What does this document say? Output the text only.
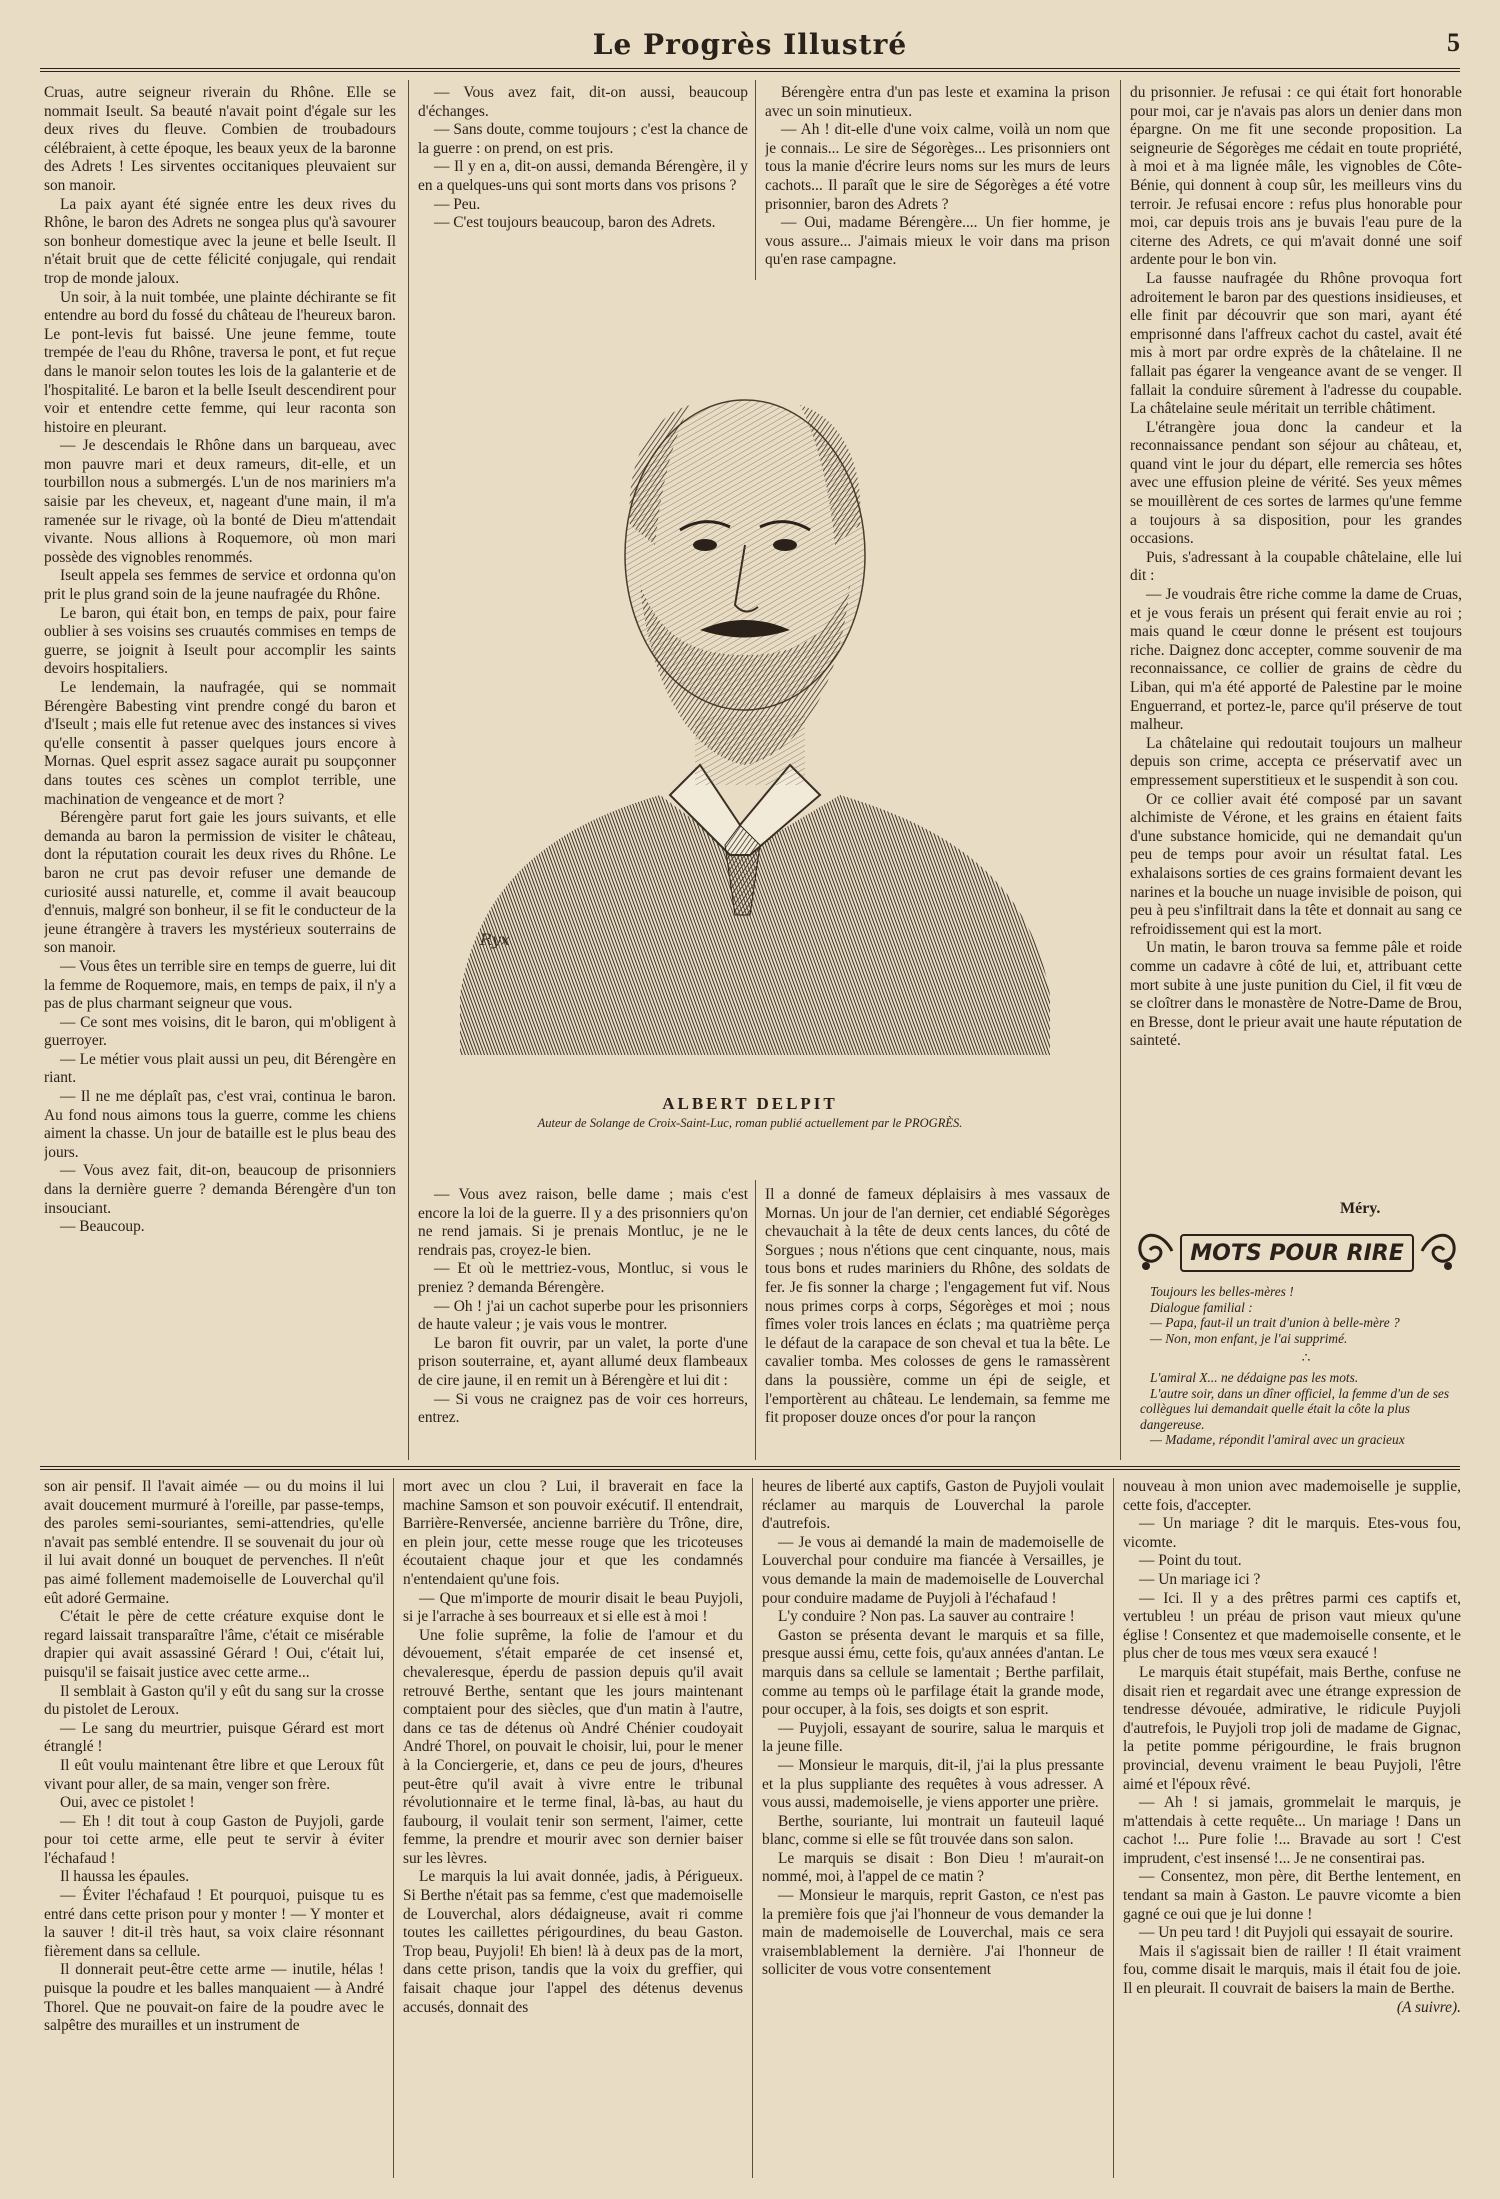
Le Progrès Illustré	5

Cruas, autre seigneur riverain du Rhône. Elle se nommait Iseult. Sa beauté n'avait point d'égale sur les deux rives du fleuve. Combien de troubadours célébraient, à cette époque, les beaux yeux de la baronne des Adrets ! Les sirventes occitaniques pleuvaient sur son manoir.

La paix ayant été signée entre les deux rives du Rhône, le baron des Adrets ne songea plus qu'à savourer son bonheur domestique avec la jeune et belle Iseult. Il n'était bruit que de cette félicité conjugale, qui rendait trop de monde jaloux.

Un soir, à la nuit tombée, une plainte déchirante se fit entendre au bord du fossé du château de l'heureux baron. Le pont-levis fut baissé. Une jeune femme, toute trempée de l'eau du Rhône, traversa le pont, et fut reçue dans le manoir selon toutes les lois de la galanterie et de l'hospitalité. Le baron et la belle Iseult descendirent pour voir et entendre cette femme, qui leur raconta son histoire en pleurant.

— Je descendais le Rhône dans un barqueau, avec mon pauvre mari et deux rameurs, dit-elle, et un tourbillon nous a submergés. L'un de nos mariniers m'a saisie par les cheveux, et, nageant d'une main, il m'a ramenée sur le rivage, où la bonté de Dieu m'attendait vivante. Nous allions à Roquemore, où mon mari possède des vignobles renommés.

Iseult appela ses femmes de service et ordonna qu'on prit le plus grand soin de la jeune naufragée du Rhône.

Le baron, qui était bon, en temps de paix, pour faire oublier à ses voisins ses cruautés commises en temps de guerre, se joignit à Iseult pour accomplir les saints devoirs hospitaliers.

Le lendemain, la naufragée, qui se nommait Bérengère Babesting vint prendre congé du baron et d'Iseult ; mais elle fut retenue avec des instances si vives qu'elle consentit à passer quelques jours encore à Mornas. Quel esprit assez sagace aurait pu soupçonner dans toutes ces scènes un complot terrible, une machination de vengeance et de mort ?

Bérengère parut fort gaie les jours suivants, et elle demanda au baron la permission de visiter le château, dont la réputation courait les deux rives du Rhône. Le baron ne crut pas devoir refuser une demande de curiosité aussi naturelle, et, comme il avait beaucoup d'ennuis, malgré son bonheur, il se fit le conducteur de la jeune étrangère à travers les mystérieux souterrains de son manoir.

— Vous êtes un terrible sire en temps de guerre, lui dit la femme de Roquemore, mais, en temps de paix, il n'y a pas de plus charmant seigneur que vous.

— Ce sont mes voisins, dit le baron, qui m'obligent à guerroyer.

— Le métier vous plait aussi un peu, dit Bérengère en riant.

— Il ne me déplaît pas, c'est vrai, continua le baron. Au fond nous aimons tous la guerre, comme les chiens aiment la chasse. Un jour de bataille est le plus beau des jours.

— Vous avez fait, dit-on, beaucoup de prisonniers dans la dernière guerre ? demanda Bérengère d'un ton insouciant.

— Beaucoup.

— Vous avez fait, dit-on aussi, beaucoup d'échanges.

— Sans doute, comme toujours ; c'est la chance de la guerre : on prend, on est pris.

— Il y en a, dit-on aussi, demanda Bérengère, il y en a quelques-uns qui sont morts dans vos prisons ?

— Peu.

— C'est toujours beaucoup, baron des Adrets.

Bérengère entra d'un pas leste et examina la prison avec un soin minutieux.

— Ah ! dit-elle d'une voix calme, voilà un nom que je connais... Le sire de Ségorèges... Les prisonniers ont tous la manie d'écrire leurs noms sur les murs de leurs cachots... Il paraît que le sire de Ségorèges a été votre prisonnier, baron des Adrets ?

— Oui, madame Bérengère.... Un fier homme, je vous assure... J'aimais mieux le voir dans ma prison qu'en rase campagne.

du prisonnier. Je refusai : ce qui était fort honorable pour moi, car je n'avais pas alors un denier dans mon épargne. On me fit une seconde proposition. La seigneurie de Ségorèges me cédait en toute propriété, à moi et à ma lignée mâle, les vignobles de Côte-Bénie, qui donnent à coup sûr, les meilleurs vins du terroir. Je refusai encore : refus plus honorable pour moi, car depuis trois ans je buvais l'eau pure de la citerne des Adrets, ce qui m'avait donné une soif ardente pour le bon vin.

La fausse naufragée du Rhône provoqua fort adroitement le baron par des questions insidieuses, et elle finit par découvrir que son mari, ayant été emprisonné dans l'affreux cachot du castel, avait été mis à mort par ordre exprès de la châtelaine. Il ne fallait pas égarer la vengeance avant de se venger. Il fallait la conduire sûrement à l'adresse du coupable. La châtelaine seule méritait un terrible châtiment.

L'étrangère joua donc la candeur et la reconnaissance pendant son séjour au château, et, quand vint le jour du départ, elle remercia ses hôtes avec une effusion pleine de vérité. Ses yeux mêmes se mouillèrent de ces sortes de larmes qu'une femme a toujours à sa disposition, pour les grandes occasions.

Puis, s'adressant à la coupable châtelaine, elle lui dit :

— Je voudrais être riche comme la dame de Cruas, et je vous ferais un présent qui ferait envie au roi ; mais quand le cœur donne le présent est toujours riche. Daignez donc accepter, comme souvenir de ma reconnaissance, ce collier de grains de cèdre du Liban, qui m'a été apporté de Palestine par le moine Enguerrand, et portez-le, parce qu'il préserve de tout malheur.

La châtelaine qui redoutait toujours un malheur depuis son crime, accepta ce préservatif avec un empressement superstitieux et le suspendit à son cou.

Or ce collier avait été composé par un savant alchimiste de Vérone, et les grains en étaient faits d'une substance homicide, qui ne demandait qu'un peu de temps pour avoir un résultat fatal. Les exhalaisons sorties de ces grains formaient devant les narines et la bouche un nuage invisible de poison, qui peu à peu s'infiltrait dans la tête et donnait au sang ce refroidissement qui est la mort.

Un matin, le baron trouva sa femme pâle et roide comme un cadavre à côté de lui, et, attribuant cette mort subite à une juste punition du Ciel, il fit vœu de se cloîtrer dans le monastère de Notre-Dame de Brou, en Bresse, dont le prieur avait une haute réputation de sainteté.

Méry.
Ryx
ALBERT DELPIT
Auteur de Solange de Croix-Saint-Luc, roman publié actuellement par le PROGRÈS.

— Vous avez raison, belle dame ; mais c'est encore la loi de la guerre. Il y a des prisonniers qu'on ne rend jamais. Si je prenais Montluc, je ne le rendrais pas, croyez-le bien.

— Et où le mettriez-vous, Montluc, si vous le preniez ? demanda Bérengère.

— Oh ! j'ai un cachot superbe pour les prisonniers de haute valeur ; je vais vous le montrer.

Le baron fit ouvrir, par un valet, la porte d'une prison souterraine, et, ayant allumé deux flambeaux de cire jaune, il en remit un à Bérengère et lui dit :

— Si vous ne craignez pas de voir ces horreurs, entrez.

Il a donné de fameux déplaisirs à mes vassaux de Mornas. Un jour de l'an dernier, cet endiablé Ségorèges chevauchait à la tête de deux cents lances, du côté de Sorgues ; nous n'étions que cent cinquante, nous, mais tous bons et rudes mariniers du Rhône, des soldats de fer. Je fis sonner la charge ; l'engagement fut vif. Nous nous primes corps à corps, Ségorèges et moi ; nous fîmes voler trois lances en éclats ; ma quatrième perça le défaut de la carapace de son cheval et tua la bête. Le cavalier tomba. Mes colosses de gens le ramassèrent dans la poussière, comme un épi de seigle, et l'emportèrent au château. Le lendemain, sa femme me fit proposer douze onces d'or pour la rançon

MOTS POUR RIRE

Toujours les belles-mères !

Dialogue familial :

— Papa, faut-il un trait d'union à belle-mère ?

— Non, mon enfant, je l'ai supprimé.

∴

L'amiral X... ne dédaigne pas les mots.

L'autre soir, dans un dîner officiel, la femme d'un de ses collègues lui demandait quelle était la côte la plus dangereuse.

— Madame, répondit l'amiral avec un gracieux

son air pensif. Il l'avait aimée — ou du moins il lui avait doucement murmuré à l'oreille, par passe-temps, des paroles semi-souriantes, semi-attendries, qu'elle n'avait pas semblé entendre. Il se souvenait du jour où il lui avait donné un bouquet de pervenches. Il n'eût pas aimé follement mademoiselle de Louverchal qu'il eût adoré Germaine.

C'était le père de cette créature exquise dont le regard laissait transparaître l'âme, c'était ce misérable drapier qui avait assassiné Gérard ! Oui, c'était lui, puisqu'il se faisait justice avec cette arme...

Il semblait à Gaston qu'il y eût du sang sur la crosse du pistolet de Leroux.

— Le sang du meurtrier, puisque Gérard est mort étranglé !

Il eût voulu maintenant être libre et que Leroux fût vivant pour aller, de sa main, venger son frère.

Oui, avec ce pistolet !

— Eh ! dit tout à coup Gaston de Puyjoli, garde pour toi cette arme, elle peut te servir à éviter l'échafaud !

Il haussa les épaules.

— Éviter l'échafaud ! Et pourquoi, puisque tu es entré dans cette prison pour y monter ! — Y monter et la sauver ! dit-il très haut, sa voix claire résonnant fièrement dans sa cellule.

Il donnerait peut-être cette arme — inutile, hélas ! puisque la poudre et les balles manquaient — à André Thorel. Que ne pouvait-on faire de la poudre avec le salpêtre des murailles et un instrument de

mort avec un clou ? Lui, il braverait en face la machine Samson et son pouvoir exécutif. Il entendrait, Barrière-Renversée, ancienne barrière du Trône, dire, en plein jour, cette messe rouge que les tricoteuses écoutaient chaque jour et que les condamnés n'entendaient qu'une fois.

— Que m'importe de mourir disait le beau Puyjoli, si je l'arrache à ses bourreaux et si elle est à moi !

Une folie suprême, la folie de l'amour et du dévouement, s'était emparée de cet insensé et, chevaleresque, éperdu de passion depuis qu'il avait retrouvé Berthe, sentant que les jours maintenant comptaient pour des siècles, que d'un matin à l'autre, dans ce tas de détenus où André Chénier coudoyait André Thorel, on pouvait le choisir, lui, pour le mener à la Conciergerie, et, dans ce peu de jours, d'heures peut-être qu'il avait à vivre entre le tribunal révolutionnaire et le terme final, là-bas, au haut du faubourg, il voulait tenir son serment, l'aimer, cette femme, la prendre et mourir avec son dernier baiser sur les lèvres.

Le marquis la lui avait donnée, jadis, à Périgueux. Si Berthe n'était pas sa femme, c'est que mademoiselle de Louverchal, alors dédaigneuse, avait ri comme toutes les caillettes périgourdines, du beau Gaston. Trop beau, Puyjoli! Eh bien! là à deux pas de la mort, dans cette prison, tandis que la voix du greffier, qui faisait chaque jour l'appel des détenus devenus accusés, donnait des

heures de liberté aux captifs, Gaston de Puyjoli voulait réclamer au marquis de Louverchal la parole d'autrefois.

— Je vous ai demandé la main de mademoiselle de Louverchal pour conduire ma fiancée à Versailles, je vous demande la main de mademoiselle de Louverchal pour conduire madame de Puyjoli à l'échafaud !

L'y conduire ? Non pas. La sauver au contraire !

Gaston se présenta devant le marquis et sa fille, presque aussi ému, cette fois, qu'aux années d'antan. Le marquis dans sa cellule se lamentait ; Berthe parfilait, comme au temps où le parfilage était la grande mode, pour occuper, à la fois, ses doigts et son esprit.

— Puyjoli, essayant de sourire, salua le marquis et la jeune fille.

— Monsieur le marquis, dit-il, j'ai la plus pressante et la plus suppliante des requêtes à vous adresser. A vous aussi, mademoiselle, je viens apporter une prière.

Berthe, souriante, lui montrait un fauteuil laqué blanc, comme si elle se fût trouvée dans son salon.

Le marquis se disait : Bon Dieu ! m'aurait-on nommé, moi, à l'appel de ce matin ?

— Monsieur le marquis, reprit Gaston, ce n'est pas la première fois que j'ai l'honneur de vous demander la main de mademoiselle de Louverchal, mais ce sera vraisemblablement la dernière. J'ai l'honneur de solliciter de vous votre consentement

nouveau à mon union avec mademoiselle je supplie, cette fois, d'accepter.

— Un mariage ? dit le marquis. Etes-vous fou, vicomte.

— Point du tout.

— Un mariage ici ?

— Ici. Il y a des prêtres parmi ces captifs et, vertubleu ! un préau de prison vaut mieux qu'une église ! Consentez et que mademoiselle consente, et le plus cher de tous mes vœux sera exaucé !

Le marquis était stupéfait, mais Berthe, confuse ne disait rien et regardait avec une étrange expression de tendresse dévouée, admirative, le ridicule Puyjoli d'autrefois, le Puyjoli trop joli de madame de Gignac, la petite pomme périgourdine, le frais brugnon provincial, devenu vraiment le beau Puyjoli, l'être aimé et l'époux rêvé.

— Ah ! si jamais, grommelait le marquis, je m'attendais à cette requête... Un mariage ! Dans un cachot !... Pure folie !... Bravade au sort ! C'est imprudent, c'est insensé !... Je ne consentirai pas.

— Consentez, mon père, dit Berthe lentement, en tendant sa main à Gaston. Le pauvre vicomte a bien gagné ce oui que je lui donne !

— Un peu tard ! dit Puyjoli qui essayait de sourire.

Mais il s'agissait bien de railler ! Il était vraiment fou, comme disait le marquis, mais il était fou de joie. Il en pleurait. Il couvrait de baisers la main de Berthe.

(A suivre).
